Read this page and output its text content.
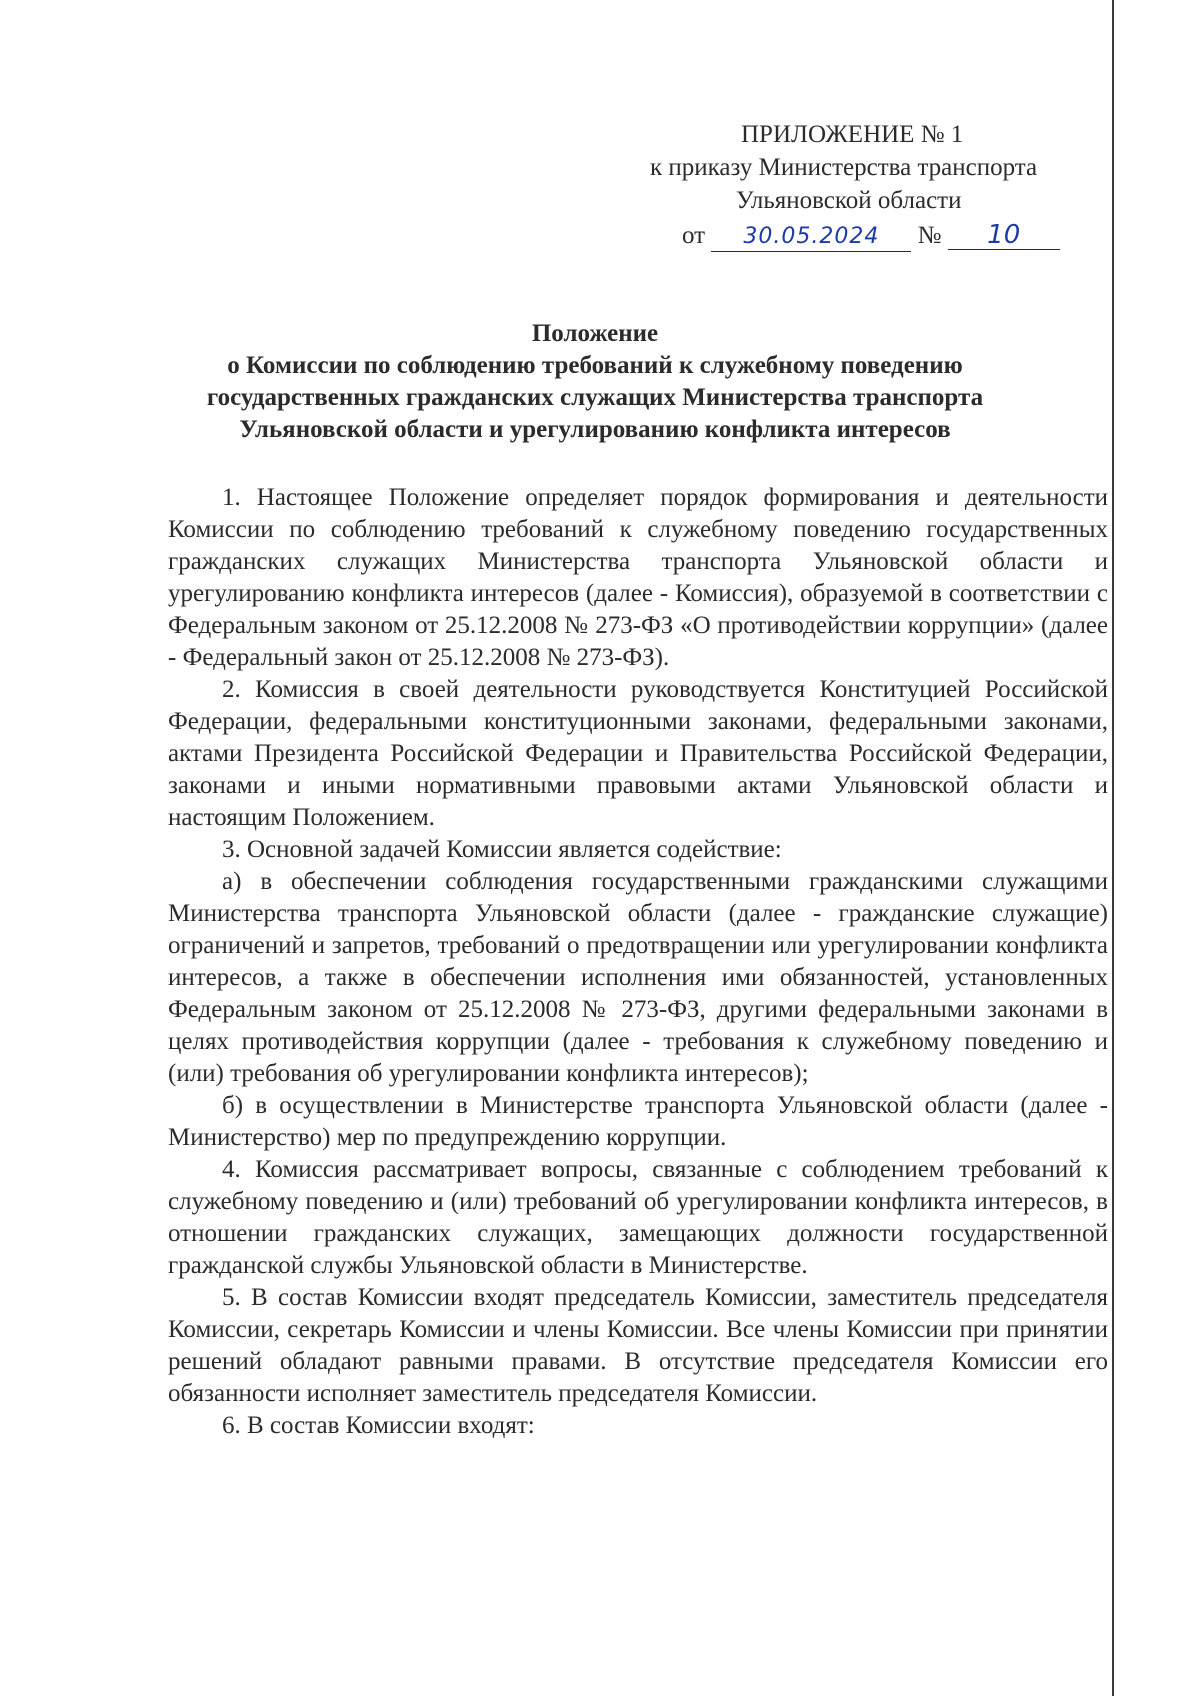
ПРИЛОЖЕНИЕ № 1
к приказу Министерства транспорта
Ульяновской области
от 30.05.2024 № 10
Положение
о Комиссии по соблюдению требований к служебному поведению
государственных гражданских служащих Министерства транспорта
Ульяновской области и урегулированию конфликта интересов

1. Настоящее Положение определяет порядок формирования и деятельности Комиссии по соблюдению требований к служебному поведению государственных гражданских служащих Министерства транспорта Ульяновской области и урегулированию конфликта интересов (далее - Комиссия), образуемой в соответствии с Федеральным законом от 25.12.2008 № 273-ФЗ «О противодействии коррупции» (далее - Федеральный закон от 25.12.2008 № 273-ФЗ).

2. Комиссия в своей деятельности руководствуется Конституцией Российской Федерации, федеральными конституционными законами, федеральными законами, актами Президента Российской Федерации и Правительства Российской Федерации, законами и иными нормативными правовыми актами Ульяновской области и настоящим Положением.

3. Основной задачей Комиссии является содействие:

а) в обеспечении соблюдения государственными гражданскими служащими Министерства транспорта Ульяновской области (далее - гражданские служащие) ограничений и запретов, требований о предотвращении или урегулировании конфликта интересов, а также в обеспечении исполнения ими обязанностей, установленных Федеральным законом от 25.12.2008 № 273-ФЗ, другими федеральными законами в целях противодействия коррупции (далее - требования к служебному поведению и (или) требования об урегулировании конфликта интересов);

б) в осуществлении в Министерстве транспорта Ульяновской области (далее - Министерство) мер по предупреждению коррупции.

4. Комиссия рассматривает вопросы, связанные с соблюдением требований к служебному поведению и (или) требований об урегулировании конфликта интересов, в отношении гражданских служащих, замещающих должности государственной гражданской службы Ульяновской области в Министерстве.

5. В состав Комиссии входят председатель Комиссии, заместитель председателя Комиссии, секретарь Комиссии и члены Комиссии. Все члены Комиссии при принятии решений обладают равными правами. В отсутствие председателя Комиссии его обязанности исполняет заместитель председателя Комиссии.

6. В состав Комиссии входят:
